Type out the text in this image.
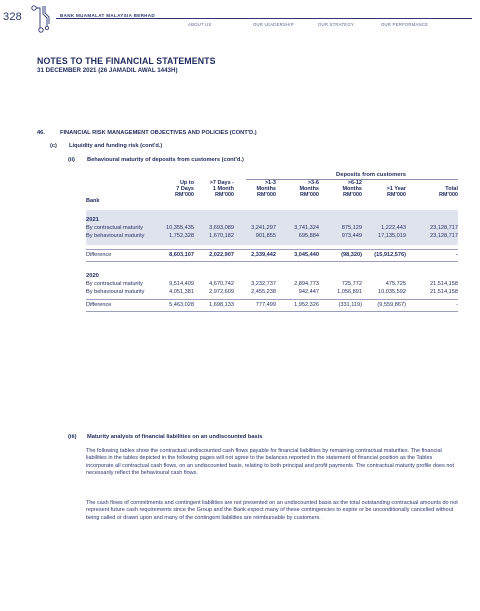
328	BANK MUAMALAT MALAYSIA BERHAD
ABOUT US	OUR LEADERSHIP	OUR STRATEGY	OUR PERFORMANCE
NOTES TO THE FINANCIAL STATEMENTS
31 DECEMBER 2021 (26 JAMADIL AWAL 1443H)
46.	FINANCIAL RISK MANAGEMENT OBJECTIVES AND POLICIES (CONT'D.)
(c) Liquidity and funding risk (cont'd.)
(ii) Behavioural maturity of deposits from customers (cont'd.)
Deposits from customers
Up to
7 Days
RM'000
>7 Days -
1 Month
RM'000
>1-3
Months
RM'000
>3-6
Months
RM'000
>6-12
Months
RM'000
>1 Year
RM'000
Total
RM'000
Bank
2021
By contractual maturity	10,355,435	3,693,089	3,241,297	3,741,324	875,129	1,222,443	23,128,717
By behavioural maturity	1,752,328	1,670,182	901,855	695,884	973,449	17,135,019	23,128,717
Difference	8,603,107	2,022,907	2,339,442	3,045,440	(98,320)	(15,912,576)	-
2020
By contractual maturity	9,514,409	4,670,742	3,232,737	2,894,773	725,772	475,725	21,514,158
By behavioural maturity	4,051,381	2,972,609	2,455,238	942,447	1,056,891	10,035,592	21,514,158
Difference	5,463,028	1,698,133	777,499	1,952,326	(331,119)	(9,559,867)	-
(iii) Maturity analysis of financial liabilities on an undiscounted basis
The following tables show the contractual undiscounted cash flows payable for financial liabilities by remaining contractual maturities. The financial liabilities in the tables depicted in the following pages will not agree to the balances reported in the statement of financial position as the Tables incorporate all contractual cash flows, on an undiscounted basis, relating to both principal and profit payments. The contractual maturity profile does not necessarily reflect the behavioural cash flows.
The cash flows of commitments and contingent liabilities are not presented on an undiscounted basis as the total outstanding contractual amounts do not represent future cash requirements since the Group and the Bank expect many of these contingencies to expire or be unconditionally cancelled without being called or drawn upon and many of the contingent liabilities are reimbursable by customers.
